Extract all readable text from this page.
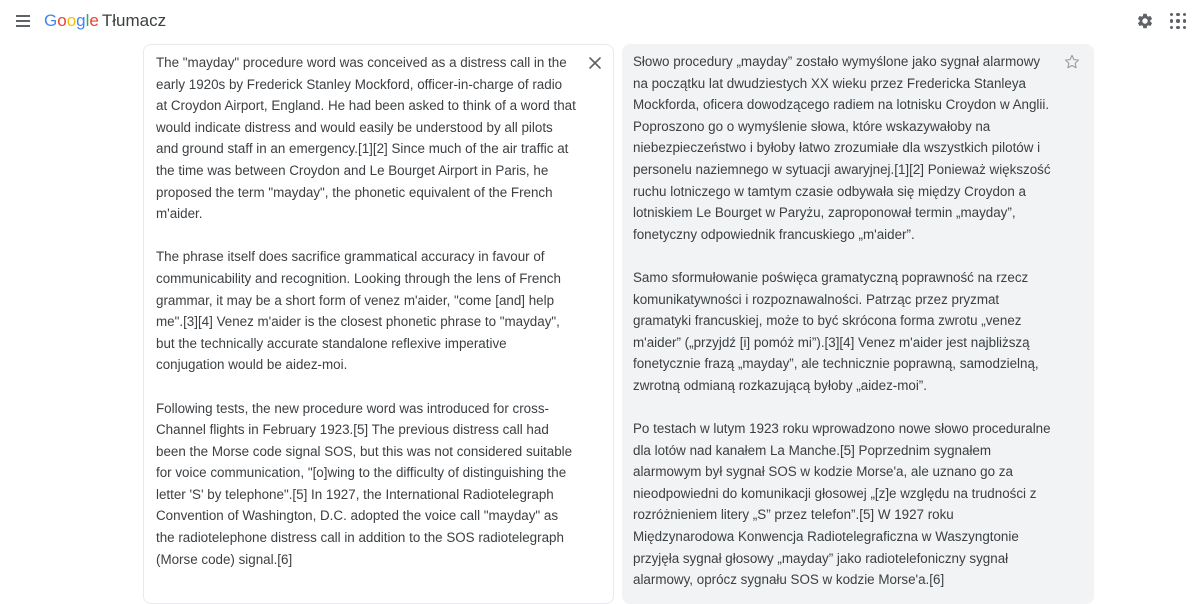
Google Tłumacz
The "mayday" procedure word was conceived as a distress call in the early 1920s by Frederick Stanley Mockford, officer-in-charge of radio at Croydon Airport, England. He had been asked to think of a word that would indicate distress and would easily be understood by all pilots and ground staff in an emergency.[1][2] Since much of the air traffic at the time was between Croydon and Le Bourget Airport in Paris, he proposed the term "mayday", the phonetic equivalent of the French m'aider.

The phrase itself does sacrifice grammatical accuracy in favour of communicability and recognition. Looking through the lens of French grammar, it may be a short form of venez m'aider, "come [and] help me".[3][4] Venez m'aider is the closest phonetic phrase to "mayday", but the technically accurate standalone reflexive imperative conjugation would be aidez-moi.

Following tests, the new procedure word was introduced for cross-Channel flights in February 1923.[5] The previous distress call had been the Morse code signal SOS, but this was not considered suitable for voice communication, "[o]wing to the difficulty of distinguishing the letter 'S' by telephone".[5] In 1927, the International Radiotelegraph Convention of Washington, D.C. adopted the voice call "mayday" as the radiotelephone distress call in addition to the SOS radiotelegraph (Morse code) signal.[6]
Słowo procedury „mayday” zostało wymyślone jako sygnał alarmowy na początku lat dwudziestych XX wieku przez Fredericka Stanleya Mockforda, oficera dowodzącego radiem na lotnisku Croydon w Anglii. Poproszono go o wymyślenie słowa, które wskazywałoby na niebezpieczeństwo i byłoby łatwo zrozumiałe dla wszystkich pilotów i personelu naziemnego w sytuacji awaryjnej.[1][2] Ponieważ większość ruchu lotniczego w tamtym czasie odbywała się między Croydon a lotniskiem Le Bourget w Paryżu, zaproponował termin „mayday”, fonetyczny odpowiednik francuskiego „m'aider”.

Samo sformułowanie poświęca gramatyczną poprawność na rzecz komunikatywności i rozpoznawalności. Patrząc przez pryzmat gramatyki francuskiej, może to być skrócona forma zwrotu „venez m'aider” („przyjdź [i] pomóż mi”).[3][4] Venez m'aider jest najbliższą fonetycznie frazą „mayday”, ale technicznie poprawną, samodzielną, zwrotną odmianą rozkazującą byłoby „aidez-moi”.

Po testach w lutym 1923 roku wprowadzono nowe słowo proceduralne dla lotów nad kanałem La Manche.[5] Poprzednim sygnałem alarmowym był sygnał SOS w kodzie Morse'a, ale uznano go za nieodpowiedni do komunikacji głosowej „[z]e względu na trudności z rozróżnieniem litery „S” przez telefon”.[5] W 1927 roku Międzynarodowa Konwencja Radiotelegraficzna w Waszyngtonie przyjęła sygnał głosowy „mayday” jako radiotelefoniczny sygnał alarmowy, oprócz sygnału SOS w kodzie Morse'a.[6]
